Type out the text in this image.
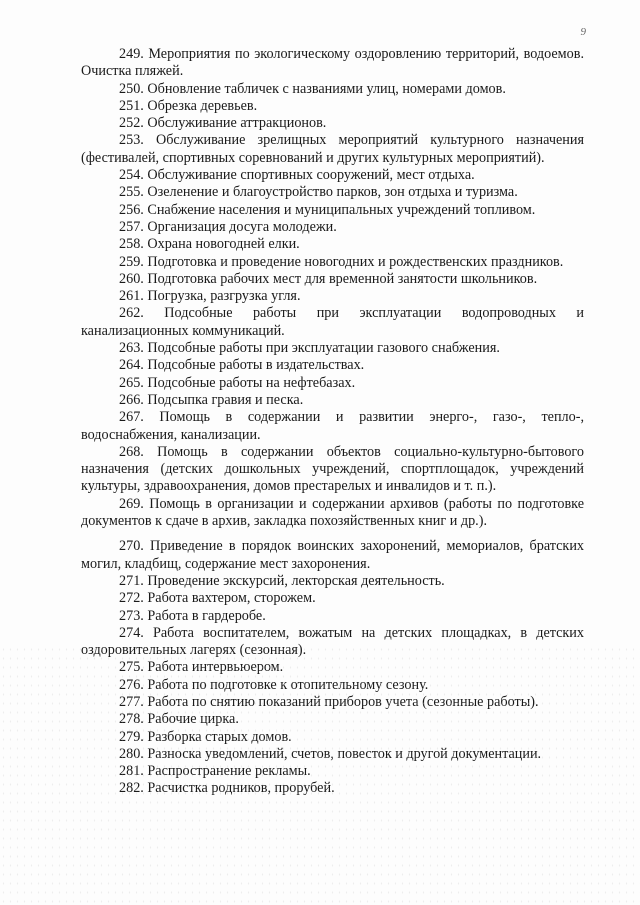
9

249. Мероприятия по экологическому оздоровлению территорий, водоемов. Очистка пляжей.

250. Обновление табличек с названиями улиц, номерами домов.

251. Обрезка деревьев.

252. Обслуживание аттракционов.

253. Обслуживание зрелищных мероприятий культурного назначения (фестивалей, спортивных соревнований и других культурных мероприятий).

254. Обслуживание спортивных сооружений, мест отдыха.

255. Озеленение и благоустройство парков, зон отдыха и туризма.

256. Снабжение населения и муниципальных учреждений топливом.

257. Организация досуга молодежи.

258. Охрана новогодней елки.

259. Подготовка и проведение новогодних и рождественских праздников.

260. Подготовка рабочих мест для временной занятости школьников.

261. Погрузка, разгрузка угля.

262. Подсобные работы при эксплуатации водопроводных и канализационных коммуникаций.

263. Подсобные работы при эксплуатации газового снабжения.

264. Подсобные работы в издательствах.

265. Подсобные работы на нефтебазах.

266. Подсыпка гравия и песка.

267. Помощь в содержании и развитии энерго-, газо-, тепло-, водоснабжения, канализации.

268. Помощь в содержании объектов социально-культурно-бытового назначения (детских дошкольных учреждений, спортплощадок, учреждений культуры, здравоохранения, домов престарелых и инвалидов и т. п.).

269. Помощь в организации и содержании архивов (работы по подготовке документов к сдаче в архив, закладка похозяйственных книг и др.).

270. Приведение в порядок воинских захоронений, мемориалов, братских могил, кладбищ, содержание мест захоронения.

271. Проведение экскурсий, лекторская деятельность.

272. Работа вахтером, сторожем.

273. Работа в гардеробе.

274. Работа воспитателем, вожатым на детских площадках, в детских оздоровительных лагерях (сезонная).

275. Работа интервьюером.

276. Работа по подготовке к отопительному сезону.

277. Работа по снятию показаний приборов учета (сезонные работы).

278. Рабочие цирка.

279. Разборка старых домов.

280. Разноска уведомлений, счетов, повесток и другой документации.

281. Распространение рекламы.

282. Расчистка родников, прорубей.
